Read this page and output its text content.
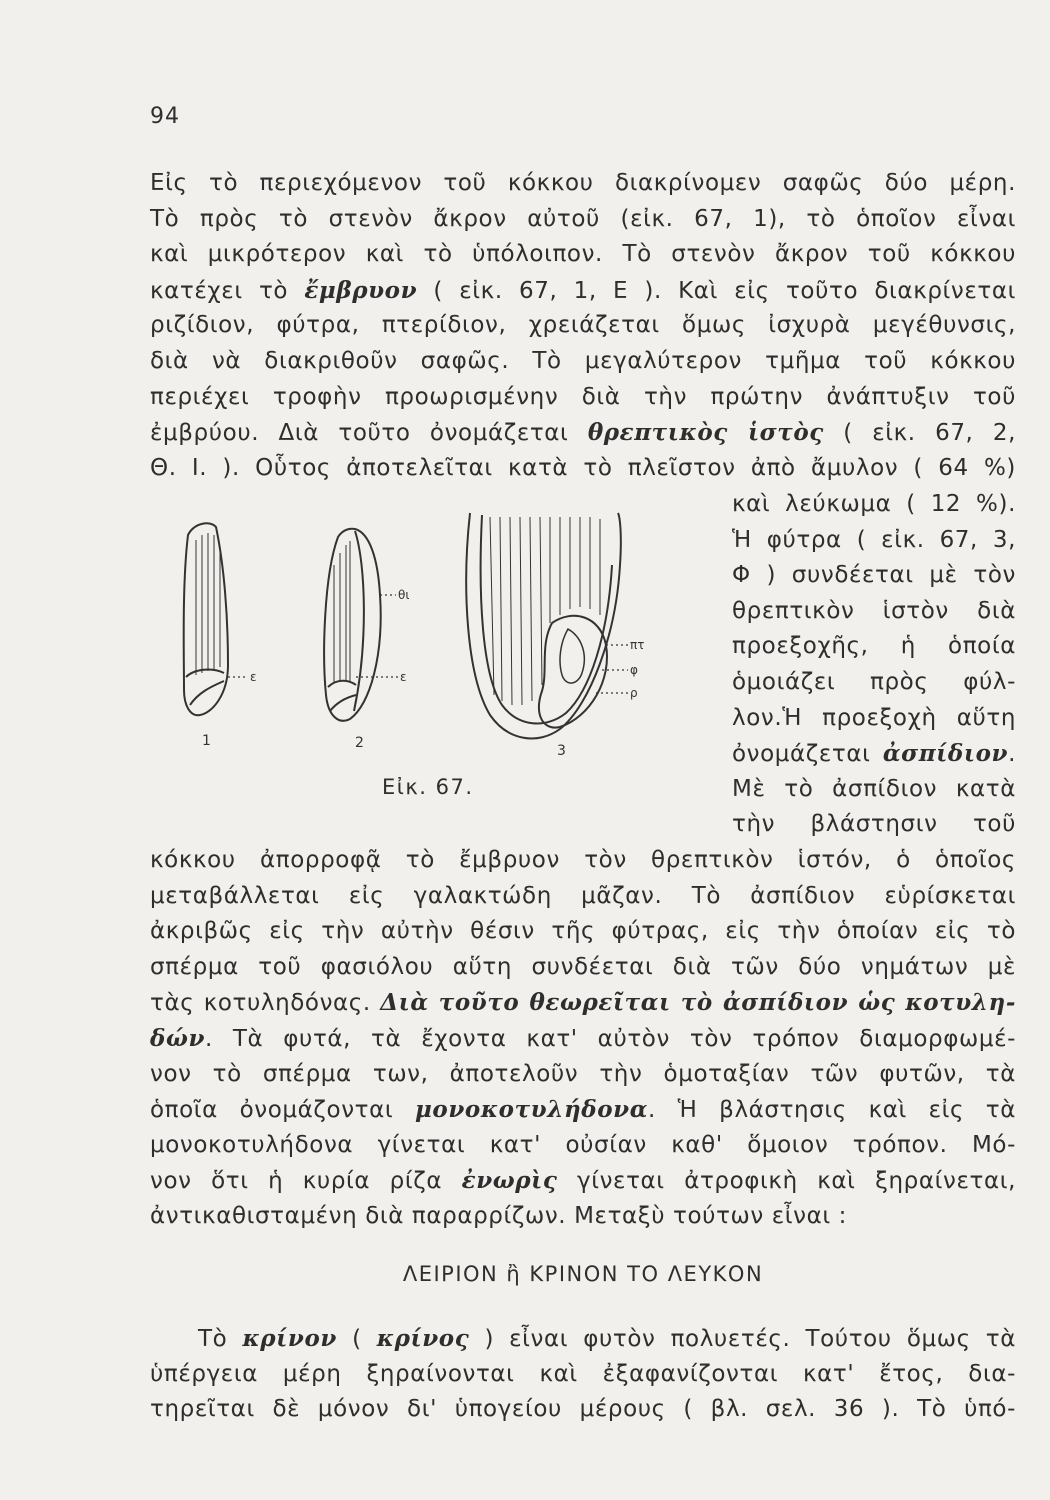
94
Εἰς τὸ περιεχόμενον τοῦ κόκκου διακρίνομεν σαφῶς δύο μέρη.
Τὸ πρὸς τὸ στενὸν ἄκρον αὐτοῦ (εἰκ. 67, 1), τὸ ὁποῖον εἶναι
καὶ μικρότερον καὶ τὸ ὑπόλοιπον. Τὸ στενὸν ἄκρον τοῦ κόκκου
κατέχει τὸ ἔμβρυον ( εἰκ. 67, 1, Ε ). Καὶ εἰς τοῦτο διακρίνεται
ριζίδιον, φύτρα, πτερίδιον, χρειάζεται ὅμως ἰσχυρὰ μεγέθυνσις,
διὰ νὰ διακριθοῦν σαφῶς. Τὸ μεγαλύτερον τμῆμα τοῦ κόκκου
περιέχει τροφὴν προωρισμένην διὰ τὴν πρώτην ἀνάπτυξιν τοῦ
ἐμβρύου. Διὰ τοῦτο ὀνομάζεται θρεπτικὸς ἱστὸς ( εἰκ. 67, 2,
Θ. Ι. ). Οὗτος ἀποτελεῖται κατὰ τὸ πλεῖστον ἀπὸ ἄμυλον ( 64 %)
καὶ λεύκωμα ( 12 %).
Ἡ φύτρα ( εἰκ. 67, 3,
Φ ) συνδέεται μὲ τὸν
θρεπτικὸν ἱστὸν διὰ
προεξοχῆς, ἡ ὁποία
ὁμοιάζει πρὸς φύλ-
λον.Ἡ προεξοχὴ αὕτη
ὀνομάζεται ἀσπίδιον.
Μὲ τὸ ἀσπίδιον κατὰ
τὴν βλάστησιν τοῦ
ε
θι
ε
πτ
φ
ρ
1	2	3
Εἰκ. 67.
κόκκου ἀπορροφᾷ τὸ ἔμβρυον τὸν θρεπτικὸν ἱστόν, ὁ ὁποῖος
μεταβάλλεται εἰς γαλακτώδη μᾶζαν. Τὸ ἀσπίδιον εὑρίσκεται
ἀκριβῶς εἰς τὴν αὐτὴν θέσιν τῆς φύτρας, εἰς τὴν ὁποίαν εἰς τὸ
σπέρμα τοῦ φασιόλου αὕτη συνδέεται διὰ τῶν δύο νημάτων μὲ
τὰς κοτυληδόνας. Διὰ τοῦτο θεωρεῖται τὸ ἀσπίδιον ὡς κοτυλη-
δών. Τὰ φυτά, τὰ ἔχοντα κατ' αὐτὸν τὸν τρόπον διαμορφωμέ-
νον τὸ σπέρμα των, ἀποτελοῦν τὴν ὁμοταξίαν τῶν φυτῶν, τὰ
ὁποῖα ὀνομάζονται μονοκοτυλήδονα. Ἡ βλάστησις καὶ εἰς τὰ
μονοκοτυλήδονα γίνεται κατ' οὐσίαν καθ' ὅμοιον τρόπον. Μό-
νον ὅτι ἡ κυρία ρίζα ἐνωρὶς γίνεται ἀτροφικὴ καὶ ξηραίνεται,
ἀντικαθισταμένη διὰ παραρρίζων. Μεταξὺ τούτων εἶναι :
ΛΕΙΡΙΟΝ ἢ ΚΡΙΝΟΝ ΤΟ ΛΕΥΚΟΝ
Τὸ κρίνον ( κρίνος ) εἶναι φυτὸν πολυετές. Τούτου ὅμως τὰ
ὑπέργεια μέρη ξηραίνονται καὶ ἐξαφανίζονται κατ' ἔτος, δια-
τηρεῖται δὲ μόνον δι' ὑπογείου μέρους ( βλ. σελ. 36 ). Τὸ ὑπό-
